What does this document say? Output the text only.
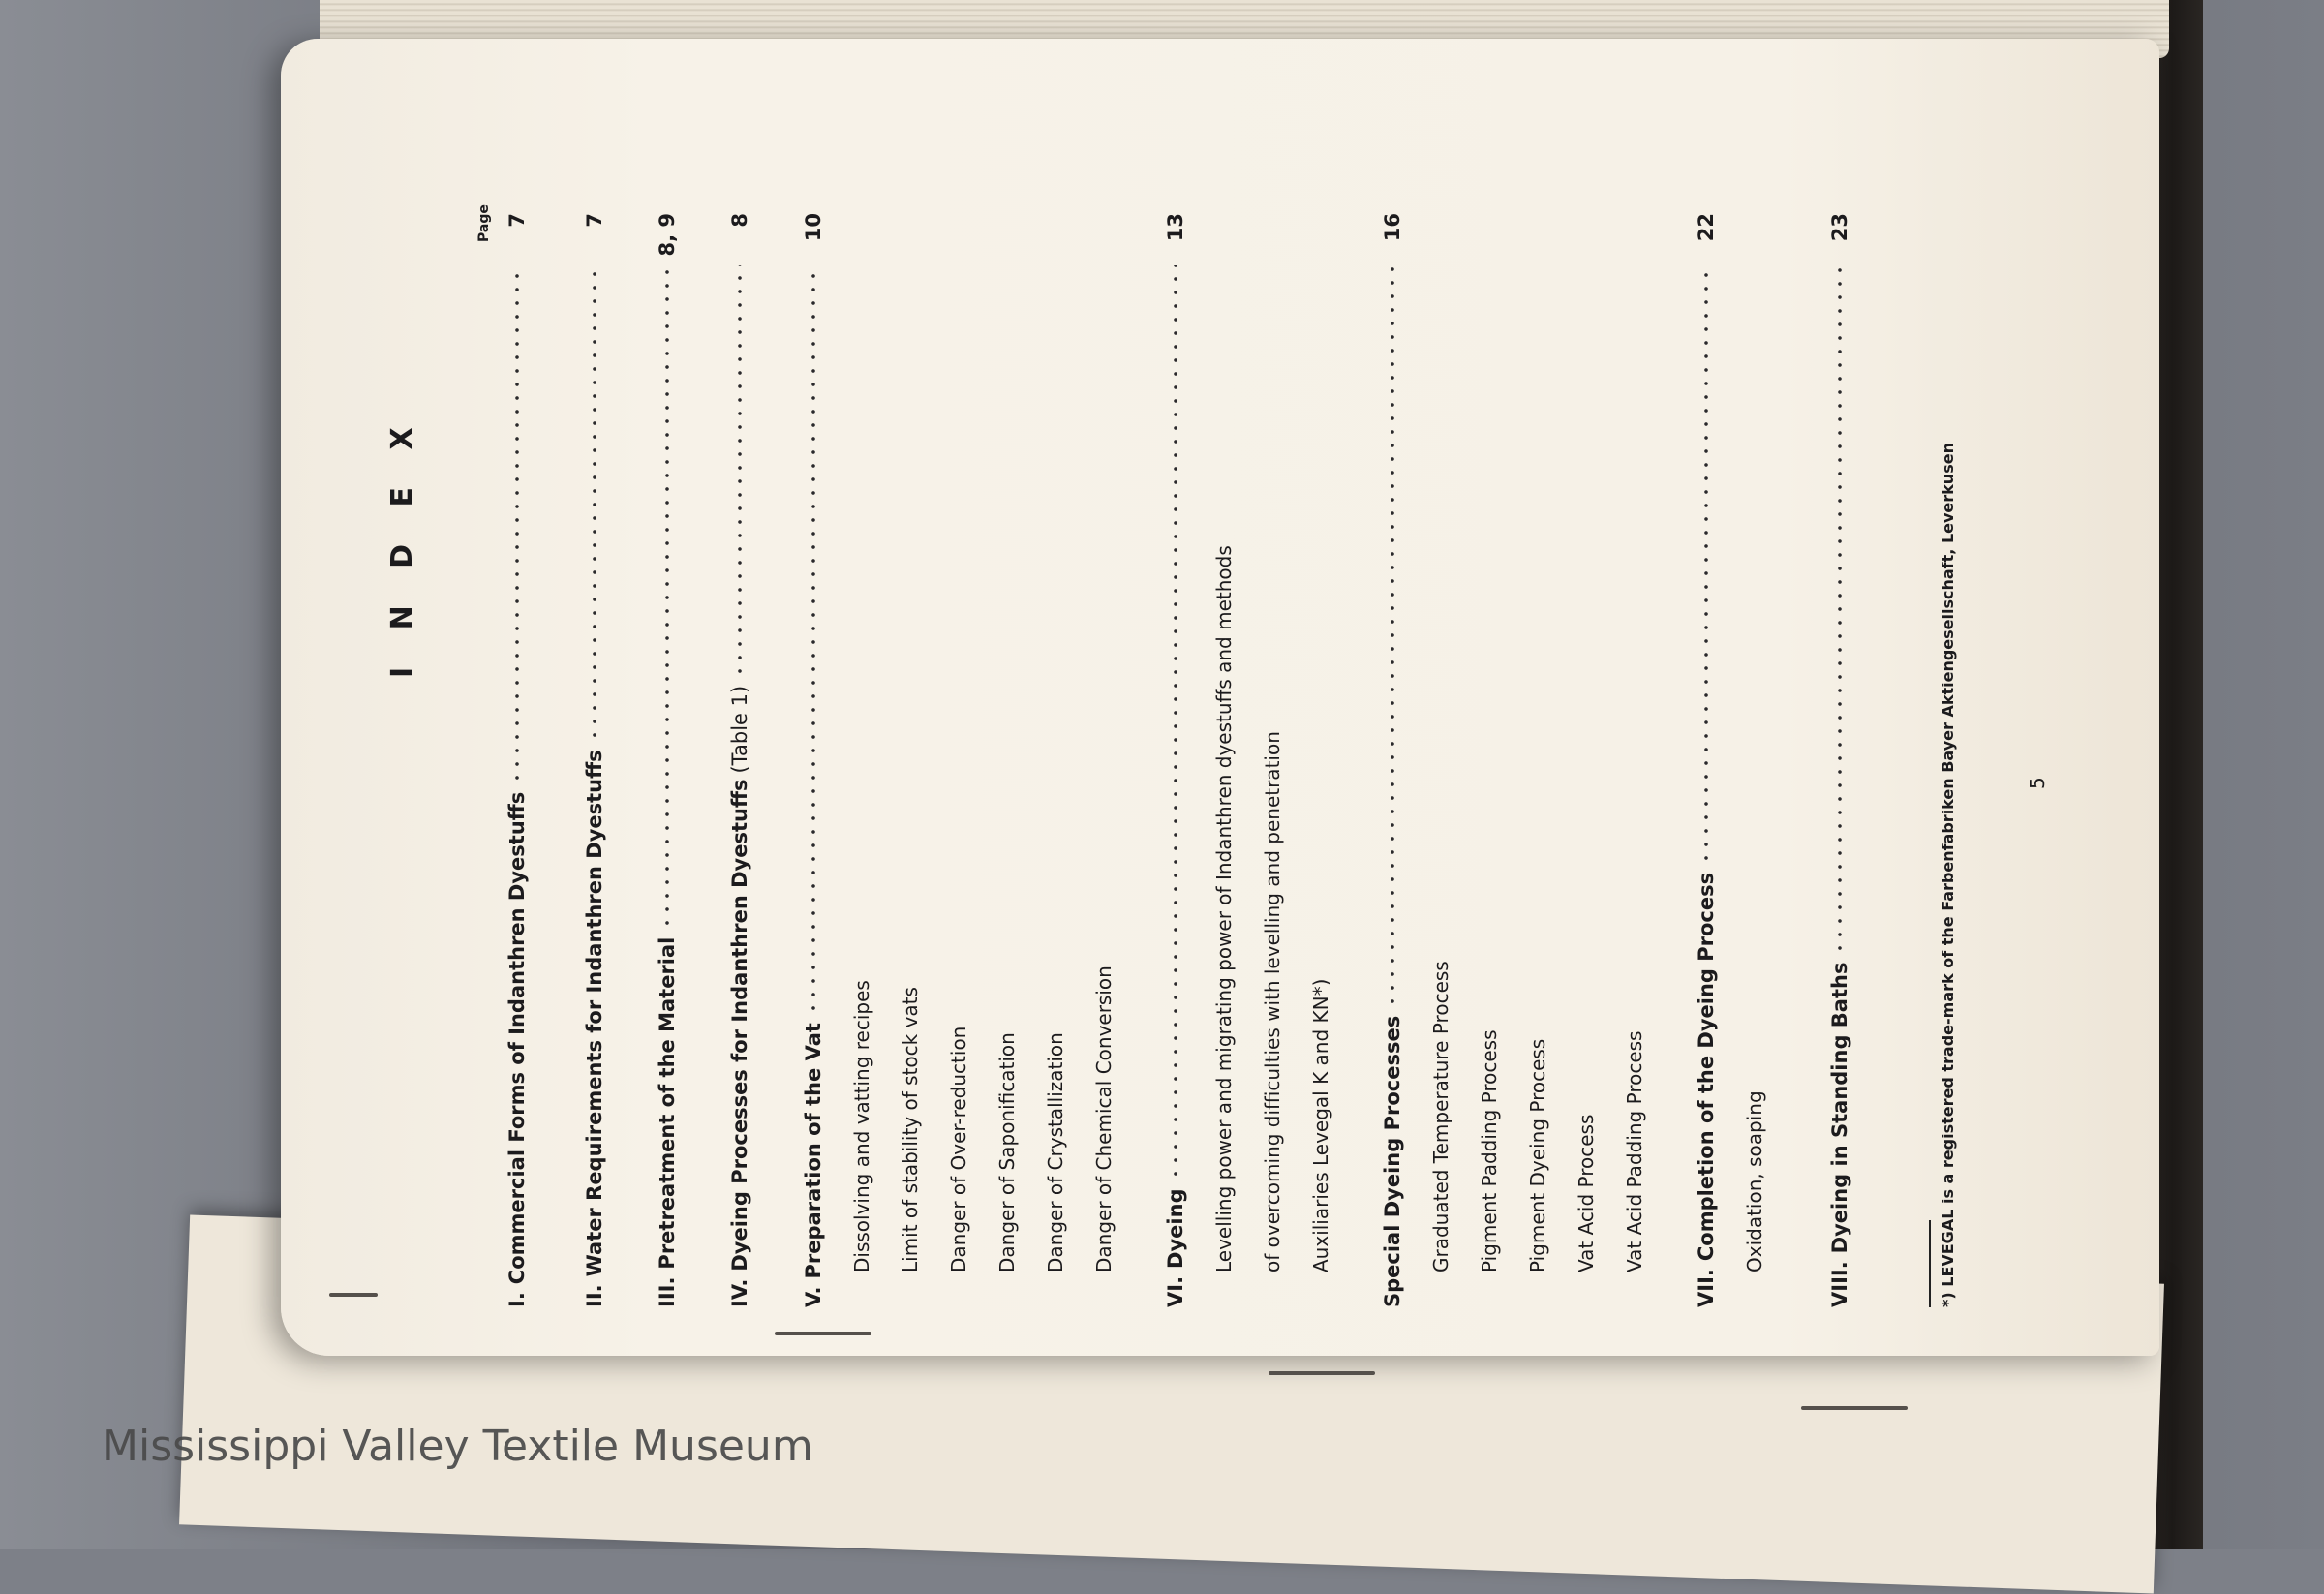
I N D E X
Page
I.
Commercial Forms of Indanthren Dyestuffs
7
II.
Water Requirements for Indanthren Dyestuffs
7
III.
Pretreatment of the Material
8, 9
IV.
Dyeing Processes for Indanthren Dyestuffs
(Table 1)
8
V.
Preparation of the Vat
10
Dissolving and vatting recipes Limit of stability of stock vats Danger of Over-reduction Danger of Saponification Danger of Crystallization Danger of Chemical Conversion
VI.
Dyeing
13
Levelling power and migrating power of Indanthren dyestuffs and methods of overcoming difficulties with levelling and penetration Auxiliaries Levegal K and KN*) Special Dyeing Processes
16
Graduated Temperature Process Pigment Padding Process Pigment Dyeing Process Vat Acid Process Vat Acid Padding Process
VII.
Completion of the Dyeing Process
22
Oxidation, soaping
VIII.
Dyeing in Standing Baths
23
*) LEVEGAL is a registered trade-mark of the Farbenfabriken Bayer Aktiengesellschaft, Leverkusen	5
Mississippi Valley Textile Museum
